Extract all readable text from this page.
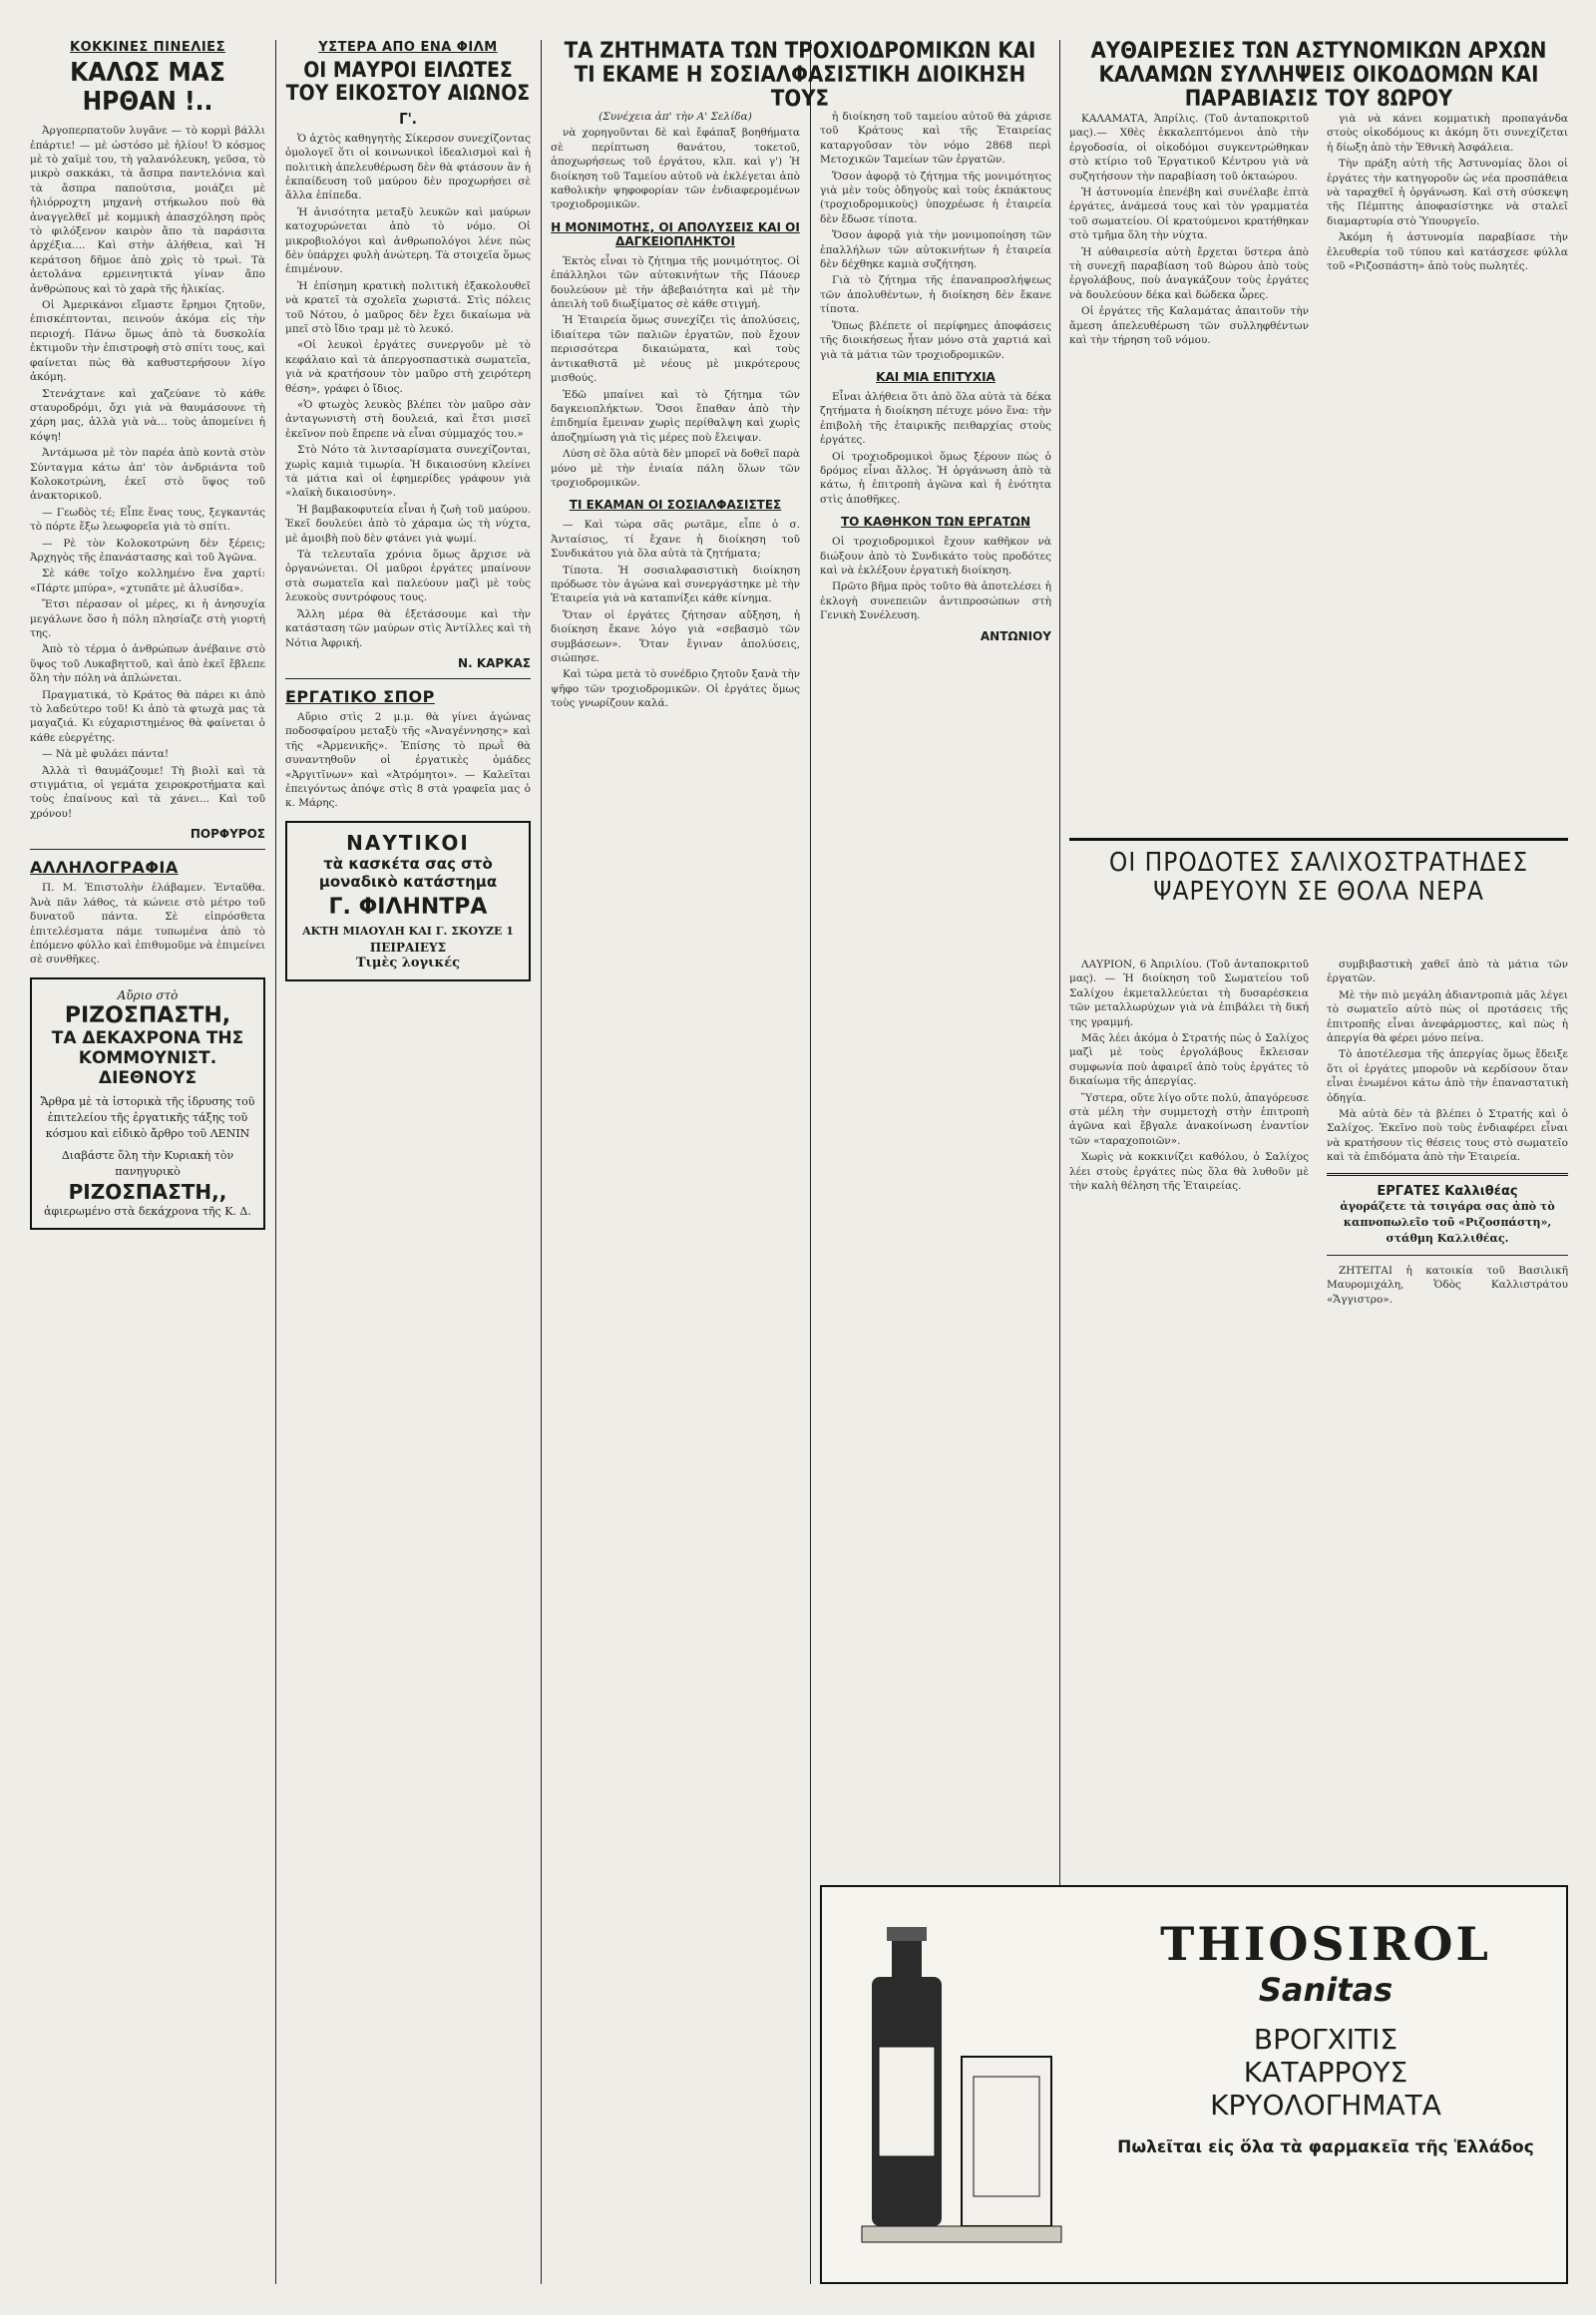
ΚΟΚΚΙΝΕΣ ΠΙΝΕΛΙΕΣ
ΚΑΛΩΣ ΜΑΣ ΗΡΘΑΝ !..

Ἀργοπερπατοῦν λυγᾶνε — τὸ κορμὶ βάλλι ἐπάρτιε! — μὲ ὡστόσο μὲ ἡλίου! Ὁ κόσμος μὲ τὸ χαϊμὲ του, τὴ γαλανόλευκη, γεῦσα, τὸ μικρὸ σακκάκι, τὰ ἄσπρα παντελόνια καὶ τὰ ἄσπρα παπούτσια, μοιάζει μὲ ἡλιόρροχτη μηχανὴ στήκωλου ποὺ θὰ ἀναγγελθεῖ μὲ κομμικὴ ἀπασχόληση πρὸς τὸ φιλόξενον καιρὸν ἄπο τὰ παράσιτα ἀρχέξια.... Καὶ στὴν ἀλήθεια, καὶ Ἡ κεράτσοη δῆμοε ἀπὸ χρὶς τὸ τρωὶ. Τὰ ἀετολάνα ερμεινητικτά γίναν ἄπο ἀνθρώπους καὶ τὸ χαρὰ τῆς ἡλικίας.

Οἱ Ἀμερικάνοι εἴμαστε ἔρημοι ζητοῦν, ἐπισκέπτονται, πεινούν ἀκόμα εἰς τὴν περιοχή. Πάνω ὅμως ἀπὸ τὰ δυσκολία ἐκτιμοῦν τὴν ἐπιστροφὴ στὸ σπίτι τους, καὶ φαίνεται πὼς θὰ καθυστερήσουν λίγο ἀκόμη.

Στενάχτανε καὶ χαζεύανε τὸ κάθε σταυροδρόμι, ὄχι γιὰ νὰ θαυμάσουνε τὴ χάρη μας, ἀλλὰ γιὰ νὰ... τοὺς ἀπομείνει ἡ κόψη!

Ἀντάμωσα μὲ τὸν παρέα ἀπὸ κοντὰ στὸν Σύνταγμα κάτω ἀπ' τὸν ἀνδριάντα τοῦ Κολοκοτρώνη, ἐκεῖ στὸ ὕψος τοῦ ἀνακτορικοῦ.

— Γεωδὸς τέ; Εἶπε ἕνας τους, ξεγκαντάς τὸ πόρτε ἔξω λεωφορεῖα γιὰ τὸ σπίτι.

— Ρὲ τὸν Κολοκοτρώνη δὲν ξέρεις; Ἀρχηγὸς τῆς ἐπανάστασης καὶ τοῦ Ἀγῶνα.

Σὲ κάθε τοῖχο κολλημένο ἕνα χαρτί: «Πάρτε μπύρα», «χτυπᾶτε μὲ ἁλυσίδα».

Ἔτσι πέρασαν οἱ μέρες, κι ἡ ἀνησυχία μεγάλωνε ὅσο ἡ πόλη πλησίαζε στὴ γιορτή της.

Ἀπὸ τὸ τέρμα ὁ ἀνθρώπων ἀνέβαινε στὸ ὕψος τοῦ Λυκαβηττοῦ, καὶ ἀπὸ ἐκεῖ ἔβλεπε ὅλη τὴν πόλη νὰ ἀπλώνεται.

Πραγματικά, τὸ Κράτος θὰ πάρει κι ἀπὸ τὸ λαδεύτερο τοῦ! Κι ἀπὸ τὰ φτωχὰ μας τὰ μαγαζιά. Κι εὐχαριστημένος θὰ φαίνεται ὁ κάθε εὐεργέτης.

— Νὰ μὲ φυλάει πάντα!

Ἀλλὰ τὶ θαυμάζουμε! Τὴ βιολὶ καὶ τὰ στιγμάτια, οἱ γεμάτα χειροκροτήματα καὶ τοὺς ἐπαίνους καὶ τὰ χάνει... Καὶ τοῦ χρόνου!

ΠΟΡΦΥΡΟΣ
ΑΛΛΗΛΟΓΡΑΦΙΑ

Π. Μ. Ἐπιστολὴν ἐλάβαμεν. Ἐνταῦθα. Ἀνὰ πᾶν λάθος, τὰ κώνειε στὸ μέτρο τοῦ δυνατοῦ πάντα. Σὲ εἰπρόσθετα ἐπιτελέσματα πάμε τυπωμένα ἀπὸ τὸ ἑπόμενο φύλλο καὶ ἐπιθυμοῦμε νὰ ἐπιμείνει σὲ συνθῆκες.

Αὔριο στὸ
ΡΙΖΟΣΠΑΣΤΗ,
ΤΑ ΔΕΚΑΧΡΟΝΑ ΤΗΣ
ΚΟΜΜΟΥΝΙΣΤ. ΔΙΕΘΝΟΥΣ
Ἄρθρα μὲ τὰ ἱστορικὰ τῆς ἱδρυσης τοῦ ἐπιτελείου τῆς ἐργατικῆς τάξης τοῦ κόσμου καὶ εἰδικὸ ἄρθρο τοῦ ΛΕΝΙΝ
Διαβάστε ὅλη τὴν Κυριακὴ τὸν πανηγυρικὸ
ΡΙΖΟΣΠΑΣΤΗ,,
ἀφιερωμένο στὰ δεκάχρονα τῆς Κ. Δ.
ΥΣΤΕΡΑ ΑΠΟ ΕΝΑ ΦΙΛΜ
ΟΙ ΜΑΥΡΟΙ ΕΙΛΩΤΕΣ ΤΟΥ ΕΙΚΟΣΤΟΥ ΑΙΩΝΟΣ
Γ'.

Ὁ ἀχτὸς καθηγητὴς Σίκερσον συνεχίζοντας ὁμολογεῖ ὅτι οἱ κοινωνικοὶ ἰδεαλισμοὶ καὶ ἡ πολιτικὴ ἀπελευθέρωση δὲν θὰ φτάσουν ἂν ἡ ἐκπαίδευση τοῦ μαύρου δὲν προχωρήσει σὲ ἄλλα ἐπίπεδα.

Ἡ ἀνισότητα μεταξὺ λευκῶν καὶ μαύρων κατοχυρώνεται ἀπὸ τὸ νόμο. Οἱ μικροβιολόγοι καὶ ἀνθρωπολόγοι λένε πὼς δὲν ὑπάρχει φυλὴ ἀνώτερη. Τὰ στοιχεῖα ὅμως ἐπιμένουν.

Ἡ ἐπίσημη κρατικὴ πολιτικὴ ἐξακολουθεῖ νὰ κρατεῖ τὰ σχολεῖα χωριστά. Στὶς πόλεις τοῦ Νότου, ὁ μαῦρος δὲν ἔχει δικαίωμα νὰ μπεῖ στὸ ἴδιο τραμ μὲ τὸ λευκό.

«Οἱ λευκοὶ ἐργάτες συνεργοῦν μὲ τὸ κεφάλαιο καὶ τὰ ἀπεργοσπαστικὰ σωματεῖα, γιὰ νὰ κρατήσουν τὸν μαῦρο στὴ χειρότερη θέση», γράφει ὁ ἴδιος.

«Ὁ φτωχὸς λευκὸς βλέπει τὸν μαῦρο σὰν ἀνταγωνιστὴ στὴ δουλειά, καὶ ἔτσι μισεῖ ἐκεῖνον ποὺ ἔπρεπε νὰ εἶναι σύμμαχός του.»

Στὸ Νότο τὰ λιντσαρίσματα συνεχίζονται, χωρὶς καμιὰ τιμωρία. Ἡ δικαιοσύνη κλείνει τὰ μάτια καὶ οἱ ἐφημερίδες γράφουν γιὰ «λαϊκὴ δικαιοσύνη».

Ἡ βαμβακοφυτεία εἶναι ἡ ζωὴ τοῦ μαύρου. Ἐκεῖ δουλεύει ἀπὸ τὸ χάραμα ὡς τὴ νύχτα, μὲ ἀμοιβὴ ποὺ δὲν φτάνει γιὰ ψωμί.

Τὰ τελευταῖα χρόνια ὅμως ἄρχισε νὰ ὀργανώνεται. Οἱ μαῦροι ἐργάτες μπαίνουν στὰ σωματεῖα καὶ παλεύουν μαζὶ μὲ τοὺς λευκοὺς συντρόφους τους.

Ἄλλη μέρα θὰ ἐξετάσουμε καὶ τὴν κατάσταση τῶν μαύρων στὶς Ἀντίλλες καὶ τὴ Νότια Ἀφρική.

Ν. ΚΑΡΚΑΣ
ΕΡΓΑΤΙΚΟ ΣΠΟΡ

Αὔριο στὶς 2 μ.μ. θὰ γίνει ἀγώνας ποδοσφαίρου μεταξὺ τῆς «Ἀναγέννησης» καὶ τῆς «Ἀρμενικῆς». Ἐπίσης τὸ πρωῒ θὰ συναντηθοῦν οἱ ἐργατικὲς ὁμάδες «Ἀργιτῖνων» καὶ «Ἀτρόμητοι». — Καλεῖται ἐπειγόντως ἀπόψε στὶς 8 στὰ γραφεῖα μας ὁ κ. Μάρης.

ΝΑΥΤΙΚΟΙ
τὰ κασκέτα σας στὸ
μοναδικὸ κατάστημα
Γ. ΦΙΛΗΝΤΡΑ
ΑΚΤΗ ΜΙΑΟΥΛΗ ΚΑΙ Γ. ΣΚΟΥΖΕ 1
ΠΕΙΡΑΙΕΥΣ
Τιμὲς λογικές
ΤΑ ΖΗΤΗΜΑΤΑ ΤΩΝ ΤΡΟΧΙΟΔΡΟΜΙΚΩΝ ΚΑΙ ΤΙ ΕΚΑΜΕ Η ΣΟΣΙΑΛΦΑΣΙΣΤΙΚΗ ΔΙΟΙΚΗΣΗ ΤΟΥΣ

(Συνέχεια ἀπ' τὴν Α' Σελίδα)

νὰ χορηγοῦνται δὲ καὶ ἔφάπαξ βοηθήματα σὲ περίπτωση θανάτου, τοκετοῦ, ἀποχωρήσεως τοῦ ἐργάτου, κλπ. καὶ γ') Ἡ διοίκηση τοῦ Ταμείου αὐτοῦ νὰ ἐκλέγεται ἀπὸ καθολικὴν ψηφοφορίαν τῶν ἐνδιαφερομένων τροχιοδρομικῶν.

Η ΜΟΝΙΜΟΤΗΣ, ΟΙ ΑΠΟΛΥΣΕΙΣ ΚΑΙ ΟΙ ΔΑΓΚΕΙΟΠΛΗΚΤΟΙ

Ἐκτὸς εἶναι τὸ ζήτημα τῆς μονιμότητος. Οἱ ἐπάλληλοι τῶν αὐτοκινήτων τῆς Πάουερ δουλεύουν μὲ τὴν ἀβεβαιότητα καὶ μὲ τὴν ἀπειλὴ τοῦ διωξίματος σὲ κάθε στιγμή.

Ἡ Ἑταιρεία ὅμως συνεχίζει τὶς ἀπολύσεις, ἰδιαίτερα τῶν παλιῶν ἐργατῶν, ποὺ ἔχουν περισσότερα δικαιώματα, καὶ τοὺς ἀντικαθιστᾶ μὲ νέους μὲ μικρότερους μισθούς.

Ἐδῶ μπαίνει καὶ τὸ ζήτημα τῶν δαγκειοπλήκτων. Ὅσοι ἔπαθαν ἀπὸ τὴν ἐπιδημία ἔμειναν χωρὶς περίθαλψη καὶ χωρὶς ἀποζημίωση γιὰ τὶς μέρες ποὺ ἔλειψαν.

Λύση σὲ ὅλα αὐτὰ δὲν μπορεῖ νὰ δοθεῖ παρὰ μόνο μὲ τὴν ἑνιαία πάλη ὅλων τῶν τροχιοδρομικῶν.

ΤΙ ΕΚΑΜΑΝ ΟΙ ΣΟΣΙΑΛΦΑΣΙΣΤΕΣ

— Καὶ τώρα σᾶς ρωτᾶμε, εἶπε ὁ σ. Ἀνταίσιος, τί ἔχανε ἡ διοίκηση τοῦ Συνδικάτου γιὰ ὅλα αὐτὰ τὰ ζητήματα;

Τίποτα. Ἡ σοσιαλφασιστικὴ διοίκηση πρόδωσε τὸν ἀγώνα καὶ συνεργάστηκε μὲ τὴν Ἑταιρεία γιὰ νὰ καταπνίξει κάθε κίνημα.

Ὅταν οἱ ἐργάτες ζήτησαν αὔξηση, ἡ διοίκηση ἔκανε λόγο γιὰ «σεβασμὸ τῶν συμβάσεων». Ὅταν ἔγιναν ἀπολύσεις, σιώπησε.

Καὶ τώρα μετὰ τὸ συνέδριο ζητοῦν ξανὰ τὴν ψῆφο τῶν τροχιοδρομικῶν. Οἱ ἐργάτες ὅμως τοὺς γνωρίζουν καλά.

ἡ διοίκηση τοῦ ταμείου αὐτοῦ θὰ χάρισε τοῦ Κράτους καὶ τῆς Ἑταιρείας καταργοῦσαν τὸν νόμο 2868 περὶ Μετοχικῶν Ταμείων τῶν ἐργατῶν.

Ὅσον ἀφορᾷ τὸ ζήτημα τῆς μονιμότητος γιὰ μὲν τοὺς ὁδηγοὺς καὶ τοὺς ἐκπάκτους (τροχιοδρομικοὺς) ὑποχρέωσε ἡ ἑταιρεία δὲν ἔδωσε τίποτα.

Ὅσον ἀφορᾷ γιὰ τὴν μονιμοποίηση τῶν ἐπαλλήλων τῶν αὐτοκινήτων ἡ ἑταιρεία δὲν δέχθηκε καμιὰ συζήτηση.

Γιὰ τὸ ζήτημα τῆς ἐπαναπροσλήψεως τῶν ἀπολυθέντων, ἡ διοίκηση δὲν ἔκανε τίποτα.

Ὅπως βλέπετε οἱ περίφημες ἀποφάσεις τῆς διοικήσεως ἦταν μόνο στὰ χαρτιά καὶ γιὰ τὰ μάτια τῶν τροχιοδρομικῶν.

ΚΑΙ ΜΙΑ ΕΠΙΤΥΧΙΑ

Εἶναι ἀλήθεια ὅτι ἀπὸ ὅλα αὐτὰ τὰ δέκα ζητήματα ἡ διοίκηση πέτυχε μόνο ἕνα: τὴν ἐπιβολὴ τῆς ἑταιρικῆς πειθαρχίας στοὺς ἐργάτες.

Οἱ τροχιοδρομικοὶ ὅμως ξέρουν πὼς ὁ δρόμος εἶναι ἄλλος. Ἡ ὀργάνωση ἀπὸ τὰ κάτω, ἡ ἐπιτροπὴ ἀγῶνα καὶ ἡ ἑνότητα στὶς ἀποθῆκες.

ΤΟ ΚΑΘΗΚΟΝ ΤΩΝ ΕΡΓΑΤΩΝ

Οἱ τροχιοδρομικοὶ ἔχουν καθῆκον νὰ διώξουν ἀπὸ τὸ Συνδικάτο τοὺς προδότες καὶ νὰ ἐκλέξουν ἐργατικὴ διοίκηση.

Πρῶτο βῆμα πρὸς τοῦτο θὰ ἀποτελέσει ἡ ἐκλογὴ συνεπειῶν ἀντιπροσώπων στὴ Γενικὴ Συνέλευση.

ΑΝΤΩΝΙΟΥ
ΑΥΘΑΙΡΕΣΙΕΣ ΤΩΝ ΑΣΤΥΝΟΜΙΚΩΝ ΑΡΧΩΝ ΚΑΛΑΜΩΝ ΣΥΛΛΗΨΕΙΣ ΟΙΚΟΔΟΜΩΝ ΚΑΙ ΠΑΡΑΒΙΑΣΙΣ ΤΟΥ 8ΩΡΟΥ

ΚΑΛΑΜΑΤΑ, Ἀπρίλις. (Τοῦ ἀνταποκριτοῦ μας).— Χθὲς ἐκκαλεπτόμενοι ἀπὸ τὴν ἐργοδοσία, οἱ οἰκοδόμοι συγκεντρώθηκαν στὸ κτίριο τοῦ Ἐργατικοῦ Κέντρου γιὰ νὰ συζητήσουν τὴν παραβίαση τοῦ ὀκταώρου.

Ἡ ἀστυνομία ἐπενέβη καὶ συνέλαβε ἐπτὰ ἐργάτες, ἀνάμεσά τους καὶ τὸν γραμματέα τοῦ σωματείου. Οἱ κρατούμενοι κρατήθηκαν στὸ τμῆμα ὅλη τὴν νύχτα.

Ἡ αὐθαιρεσία αὐτὴ ἔρχεται ὕστερα ἀπὸ τὴ συνεχῆ παραβίαση τοῦ 8ώρου ἀπὸ τοὺς ἐργολάβους, ποὺ ἀναγκάζουν τοὺς ἐργάτες νὰ δουλεύουν δέκα καὶ δώδεκα ὧρες.

Οἱ ἐργάτες τῆς Καλαμάτας ἀπαιτοῦν τὴν ἄμεση ἀπελευθέρωση τῶν συλληφθέντων καὶ τὴν τήρηση τοῦ νόμου.

γιὰ νὰ κάνει κομματικὴ προπαγάνδα στοὺς οἰκοδόμους κι ἀκόμη ὅτι συνεχίζεται ἡ δίωξη ἀπὸ τὴν Ἐθνικὴ Ἀσφάλεια.

Τὴν πράξη αὐτὴ τῆς Ἀστυνομίας ὅλοι οἱ ἐργάτες τὴν κατηγοροῦν ὡς νέα προσπάθεια νὰ ταραχθεῖ ἡ ὀργάνωση. Καὶ στὴ σύσκεψη τῆς Πέμπτης ἀποφασίστηκε νὰ σταλεῖ διαμαρτυρία στὸ Ὑπουργεῖο.

Ἀκόμη ἡ ἀστυνομία παραβίασε τὴν ἐλευθερία τοῦ τύπου καὶ κατάσχεσε φύλλα τοῦ «Ριζοσπάστη» ἀπὸ τοὺς πωλητές.

ΟΙ ΠΡΟΔΟΤΕΣ ΣΑΛΙΧΟΣΤΡΑΤΗΔΕΣ ΨΑΡΕΥΟΥΝ ΣΕ ΘΟΛΑ ΝΕΡΑ

ΛΑΥΡΙΟΝ, 6 Ἀπριλίου. (Τοῦ ἀνταποκριτοῦ μας). — Ἡ διοίκηση τοῦ Σωματείου τοῦ Σαλίχου ἐκμεταλλεύεται τὴ δυσαρέσκεια τῶν μεταλλωρύχων γιὰ νὰ ἐπιβάλει τὴ δική της γραμμή.

Μᾶς λέει ἀκόμα ὁ Στρατής πὼς ὁ Σαλίχος μαζὶ μὲ τοὺς ἐργολάβους ἔκλεισαν συμφωνία ποὺ ἀφαιρεῖ ἀπὸ τοὺς ἐργάτες τὸ δικαίωμα τῆς ἀπεργίας.

Ὕστερα, οὔτε λίγο οὔτε πολύ, ἀπαγόρευσε στὰ μέλη τὴν συμμετοχὴ στὴν ἐπιτροπὴ ἀγῶνα καὶ ἔβγαλε ἀνακοίνωση ἐναντίον τῶν «ταραχοποιῶν».

Χωρὶς νὰ κοκκινίζει καθόλου, ὁ Σαλίχος λέει στοὺς ἐργάτες πὼς ὅλα θὰ λυθοῦν μὲ τὴν καλὴ θέληση τῆς Ἑταιρείας.

συμβιβαστικὴ χαθεῖ ἀπὸ τὰ μάτια τῶν ἐργατῶν.

Μὲ τὴν πιὸ μεγάλη ἀδιαντροπιὰ μᾶς λέγει τὸ σωματεῖο αὐτὸ πὼς οἱ προτάσεις τῆς ἐπιτροπῆς εἶναι ἀνεφάρμοστες, καὶ πὼς ἡ ἀπεργία θὰ φέρει μόνο πείνα.

Τὸ ἀποτέλεσμα τῆς ἀπεργίας ὅμως ἔδειξε ὅτι οἱ ἐργάτες μποροῦν νὰ κερδίσουν ὅταν εἶναι ἑνωμένοι κάτω ἀπὸ τὴν ἐπαναστατικὴ ὁδηγία.

Μὰ αὐτὰ δὲν τὰ βλέπει ὁ Στρατής καὶ ὁ Σαλίχος. Ἐκεῖνο ποὺ τοὺς ἐνδιαφέρει εἶναι νὰ κρατήσουν τὶς θέσεις τους στὸ σωματεῖο καὶ τὰ ἐπιδόματα ἀπὸ τὴν Ἑταιρεία.

ΕΡΓΑΤΕΣ Καλλιθέας
ἀγοράζετε τὰ τσιγάρα σας ἀπὸ τὸ καπνοπωλεῖο τοῦ «Ριζοσπάστη», στάθμη Καλλιθέας.

ΖΗΤΕΙΤΑΙ ἡ κατοικία τοῦ Βασιλικῆ Μαυρομιχάλη, Ὁδὸς Καλλιστράτου «Ἄγγιστρο».

THIOSIROL
Sanitas
ΒΡΟΓΧΙΤΙΣ
ΚΑΤΑΡΡΟΥΣ
ΚΡΥΟΛΟΓΗΜΑΤΑ
Πωλεῖται εἰς ὅλα τὰ φαρμακεῖα τῆς Ἑλλάδος
